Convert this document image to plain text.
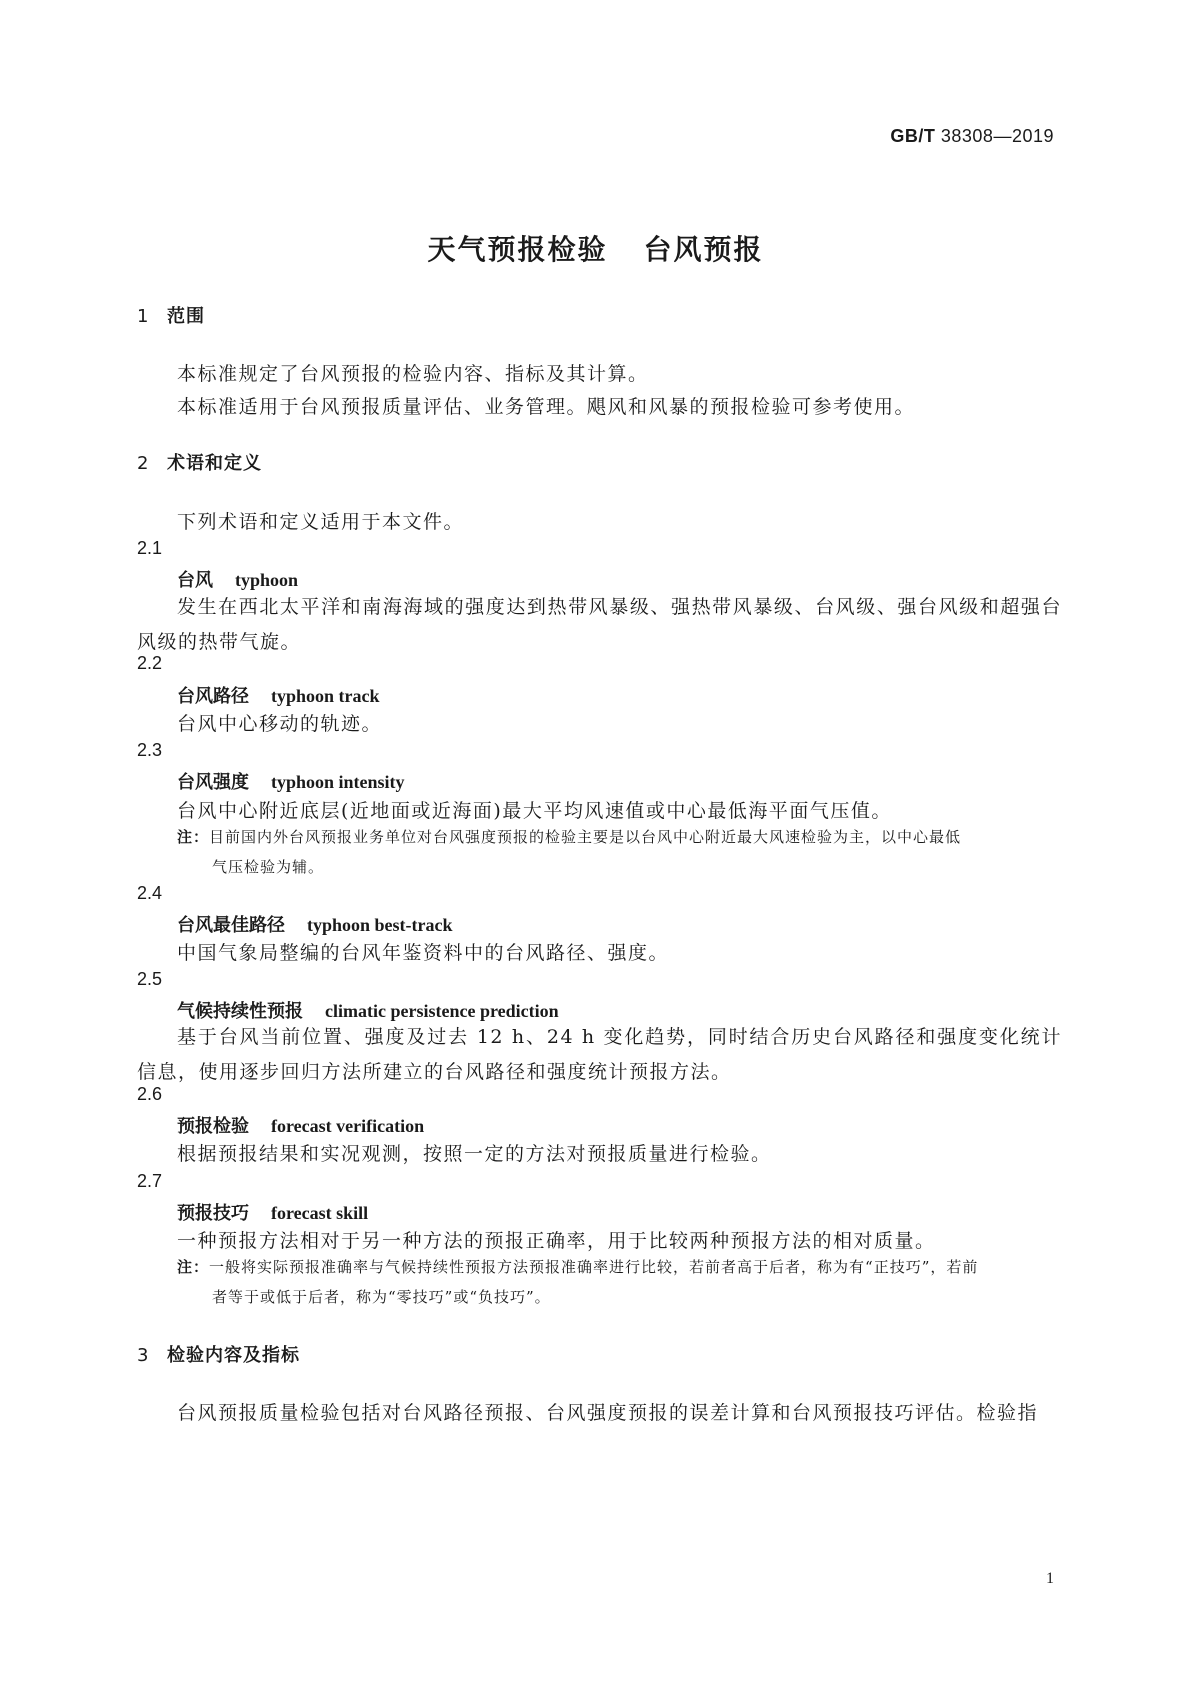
GB/T 38308—2019
天气预报检验 台风预报
1 范围
本标准规定了台风预报的检验内容、指标及其计算。
本标准适用于台风预报质量评估、业务管理。飓风和风暴的预报检验可参考使用。
2 术语和定义
下列术语和定义适用于本文件。
2.1
台风 typhoon
发生在西北太平洋和南海海域的强度达到热带风暴级、强热带风暴级、台风级、强台风级和超强台风级的热带气旋。
2.2
台风路径 typhoon track
台风中心移动的轨迹。
2.3
台风强度 typhoon intensity
台风中心附近底层(近地面或近海面)最大平均风速值或中心最低海平面气压值。
注：目前国内外台风预报业务单位对台风强度预报的检验主要是以台风中心附近最大风速检验为主，以中心最低
气压检验为辅。
2.4
台风最佳路径 typhoon best-track
中国气象局整编的台风年鉴资料中的台风路径、强度。
2.5
气候持续性预报 climatic persistence prediction
基于台风当前位置、强度及过去 12 h、24 h 变化趋势，同时结合历史台风路径和强度变化统计信息，使用逐步回归方法所建立的台风路径和强度统计预报方法。
2.6
预报检验 forecast verification
根据预报结果和实况观测，按照一定的方法对预报质量进行检验。
2.7
预报技巧 forecast skill
一种预报方法相对于另一种方法的预报正确率，用于比较两种预报方法的相对质量。
注：一般将实际预报准确率与气候持续性预报方法预报准确率进行比较，若前者高于后者，称为有“正技巧”，若前
者等于或低于后者，称为“零技巧”或“负技巧”。
3 检验内容及指标
台风预报质量检验包括对台风路径预报、台风强度预报的误差计算和台风预报技巧评估。检验指
1
